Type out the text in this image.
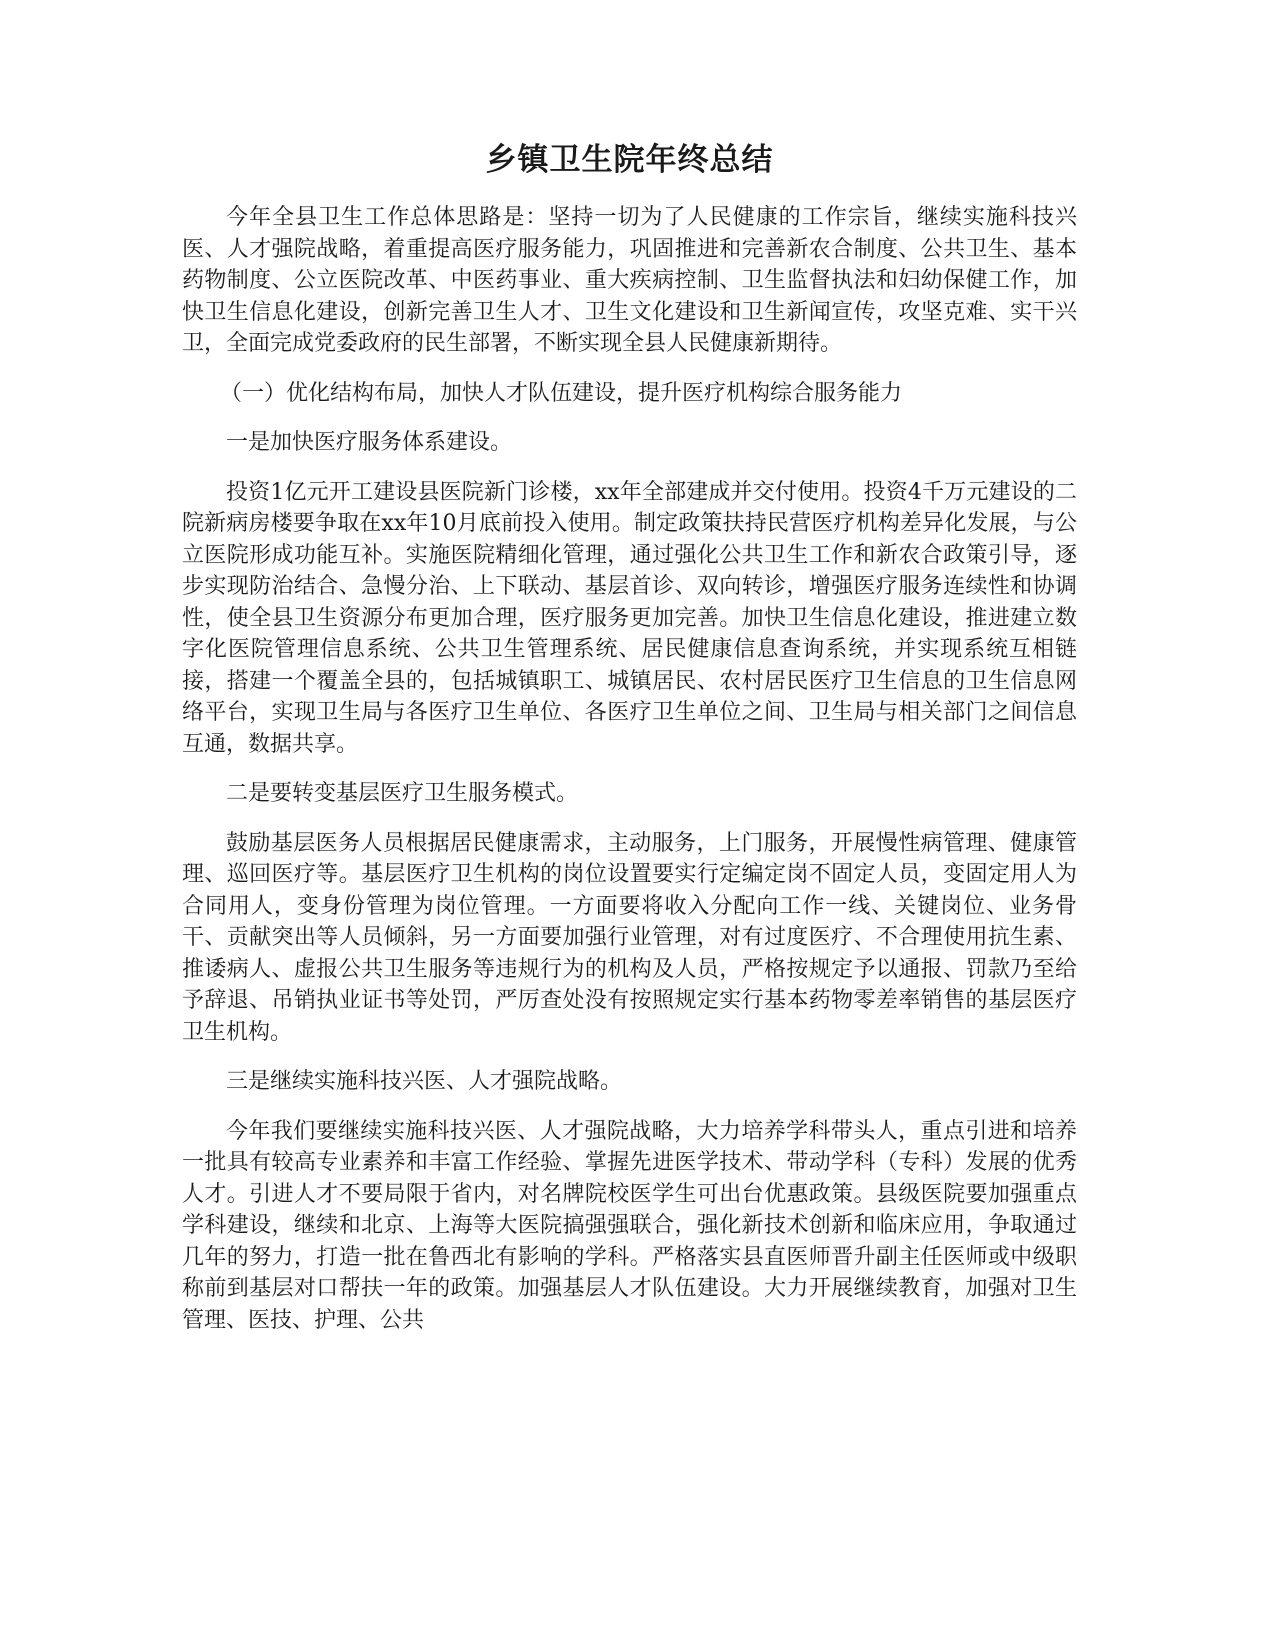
乡镇卫生院年终总结

今年全县卫生工作总体思路是：坚持一切为了人民健康的工作宗旨，继续实施科技兴医、人才强院战略，着重提高医疗服务能力，巩固推进和完善新农合制度、公共卫生、基本药物制度、公立医院改革、中医药事业、重大疾病控制、卫生监督执法和妇幼保健工作，加快卫生信息化建设，创新完善卫生人才、卫生文化建设和卫生新闻宣传，攻坚克难、实干兴卫，全面完成党委政府的民生部署，不断实现全县人民健康新期待。

（一）优化结构布局，加快人才队伍建设，提升医疗机构综合服务能力

一是加快医疗服务体系建设。

投资1亿元开工建设县医院新门诊楼，xx年全部建成并交付使用。投资4千万元建设的二院新病房楼要争取在xx年10月底前投入使用。制定政策扶持民营医疗机构差异化发展，与公立医院形成功能互补。实施医院精细化管理，通过强化公共卫生工作和新农合政策引导，逐步实现防治结合、急慢分治、上下联动、基层首诊、双向转诊，增强医疗服务连续性和协调性，使全县卫生资源分布更加合理，医疗服务更加完善。加快卫生信息化建设，推进建立数字化医院管理信息系统、公共卫生管理系统、居民健康信息查询系统，并实现系统互相链接，搭建一个覆盖全县的，包括城镇职工、城镇居民、农村居民医疗卫生信息的卫生信息网络平台，实现卫生局与各医疗卫生单位、各医疗卫生单位之间、卫生局与相关部门之间信息互通，数据共享。

二是要转变基层医疗卫生服务模式。

鼓励基层医务人员根据居民健康需求，主动服务，上门服务，开展慢性病管理、健康管理、巡回医疗等。基层医疗卫生机构的岗位设置要实行定编定岗不固定人员，变固定用人为合同用人，变身份管理为岗位管理。一方面要将收入分配向工作一线、关键岗位、业务骨干、贡献突出等人员倾斜，另一方面要加强行业管理，对有过度医疗、不合理使用抗生素、推诿病人、虚报公共卫生服务等违规行为的机构及人员，严格按规定予以通报、罚款乃至给予辞退、吊销执业证书等处罚，严厉查处没有按照规定实行基本药物零差率销售的基层医疗卫生机构。

三是继续实施科技兴医、人才强院战略。

今年我们要继续实施科技兴医、人才强院战略，大力培养学科带头人，重点引进和培养一批具有较高专业素养和丰富工作经验、掌握先进医学技术、带动学科（专科）发展的优秀人才。引进人才不要局限于省内，对名牌院校医学生可出台优惠政策。县级医院要加强重点学科建设，继续和北京、上海等大医院搞强强联合，强化新技术创新和临床应用，争取通过几年的努力，打造一批在鲁西北有影响的学科。严格落实县直医师晋升副主任医师或中级职称前到基层对口帮扶一年的政策。加强基层人才队伍建设。大力开展继续教育，加强对卫生管理、医技、护理、公共
